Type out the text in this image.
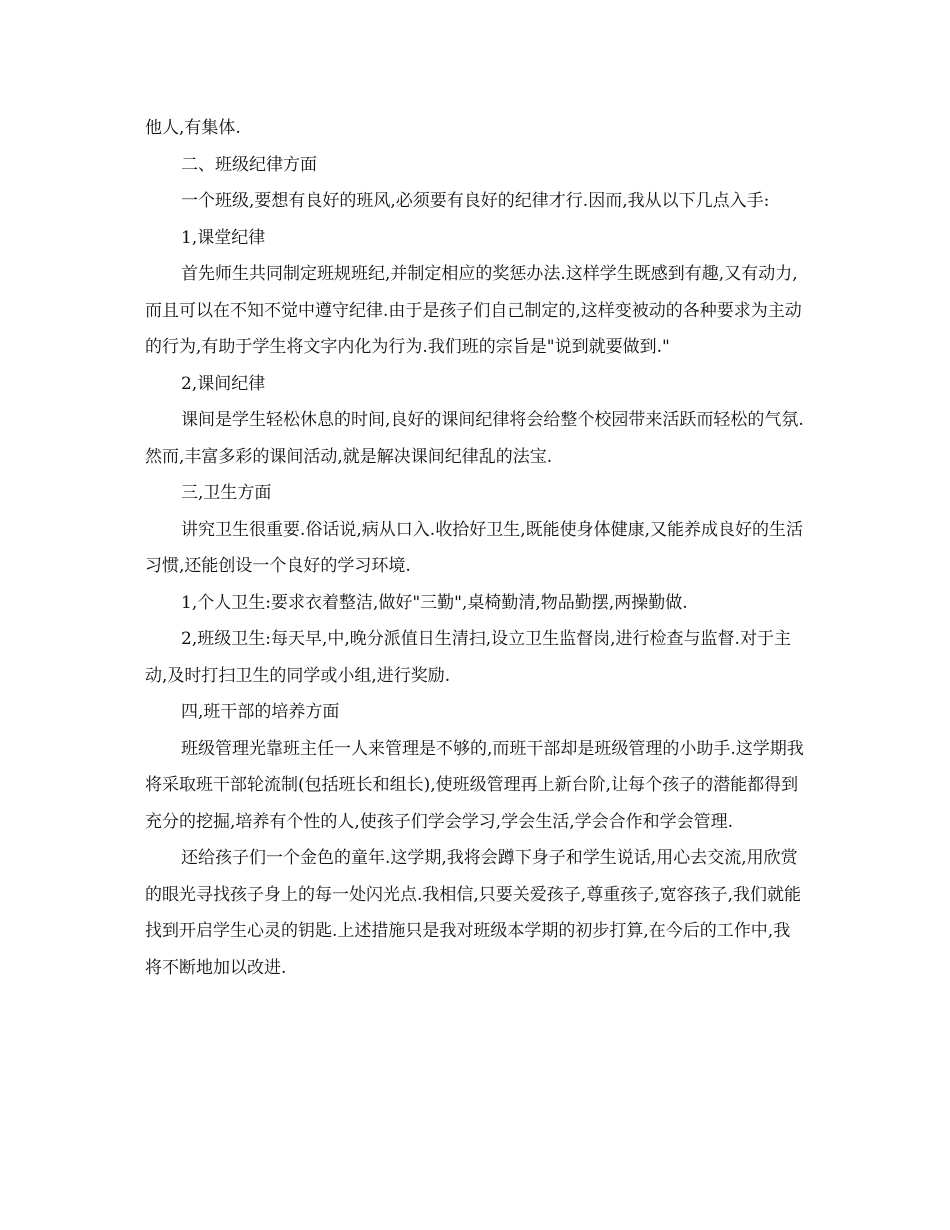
他人,有集体.

二、班级纪律方面

一个班级,要想有良好的班风,必须要有良好的纪律才行.因而,我从以下几点入手:

1,课堂纪律

首先师生共同制定班规班纪,并制定相应的奖惩办法.这样学生既感到有趣,又有动力,而且可以在不知不觉中遵守纪律.由于是孩子们自己制定的,这样变被动的各种要求为主动的行为,有助于学生将文字内化为行为.我们班的宗旨是"说到就要做到."

2,课间纪律

课间是学生轻松休息的时间,良好的课间纪律将会给整个校园带来活跃而轻松的气氛.然而,丰富多彩的课间活动,就是解决课间纪律乱的法宝.

三,卫生方面

讲究卫生很重要.俗话说,病从口入.收拾好卫生,既能使身体健康,又能养成良好的生活习惯,还能创设一个良好的学习环境.

1,个人卫生:要求衣着整洁,做好"三勤",桌椅勤清,物品勤摆,两操勤做.

2,班级卫生:每天早,中,晚分派值日生清扫,设立卫生监督岗,进行检查与监督.对于主动,及时打扫卫生的同学或小组,进行奖励.

四,班干部的培养方面

班级管理光靠班主任一人来管理是不够的,而班干部却是班级管理的小助手.这学期我将采取班干部轮流制(包括班长和组长),使班级管理再上新台阶,让每个孩子的潜能都得到充分的挖掘,培养有个性的人,使孩子们学会学习,学会生活,学会合作和学会管理.

还给孩子们一个金色的童年.这学期,我将会蹲下身子和学生说话,用心去交流,用欣赏的眼光寻找孩子身上的每一处闪光点.我相信,只要关爱孩子,尊重孩子,宽容孩子,我们就能找到开启学生心灵的钥匙.上述措施只是我对班级本学期的初步打算,在今后的工作中,我将不断地加以改进.
